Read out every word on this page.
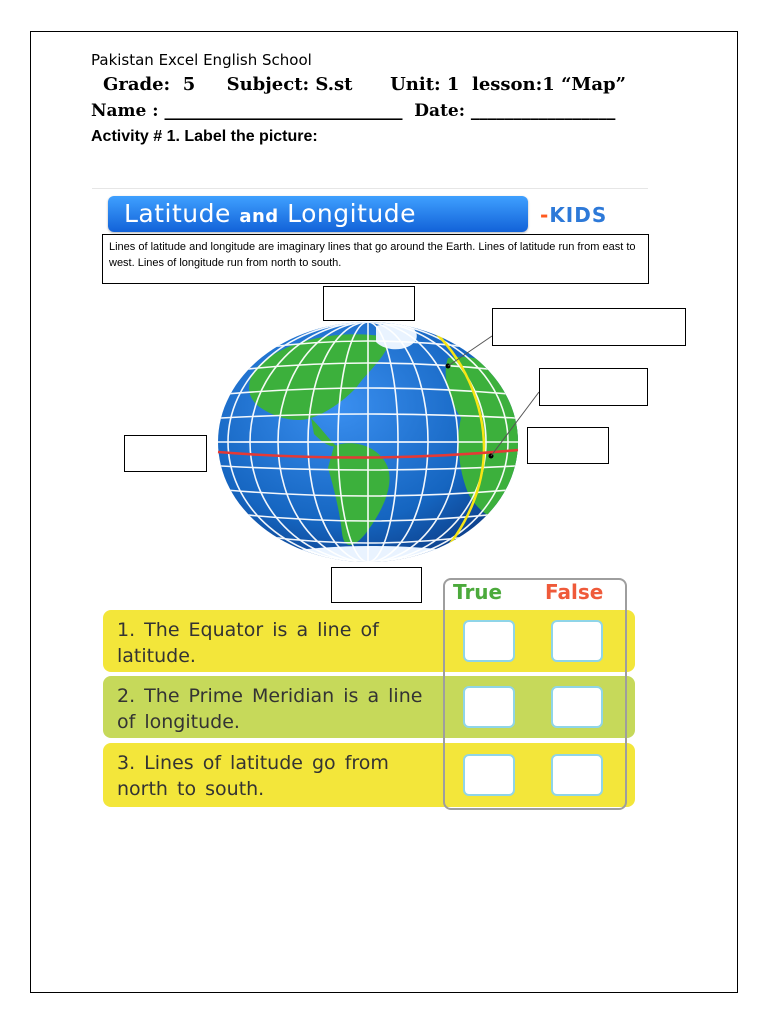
Pakistan Excel English School
Grade:  5     Subject: S.st      Unit: 1  lesson:1 “Map”
Name : ____________________________  Date: _________________
Activity # 1. Label the picture:
Latitude and Longitude	-KIDS
Lines of latitude and longitude are imaginary lines that go around the Earth. Lines of latitude run from east to west. Lines of longitude run from north to south.
1. The Equator is a line of latitude.
2. The Prime Meridian is a line of longitude.
3. Lines of latitude go from north to south.
True False
